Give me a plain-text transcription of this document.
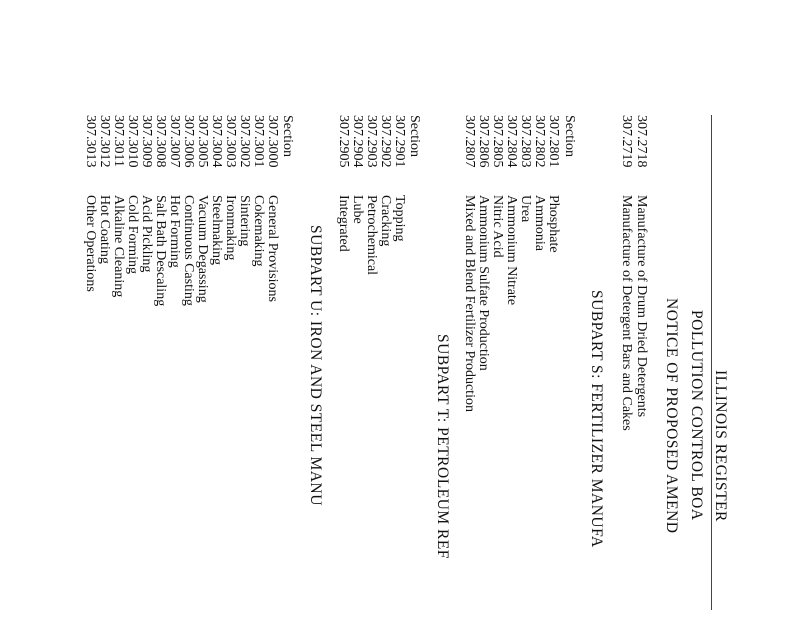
ILLINOIS REGISTER
POLLUTION CONTROL BOA
NOTICE OF PROPOSED AMEND
307.2718
Manufacture of Drum Dried Detergents
307.2719
Manufacture of Detergent Bars and Cakes
SUBPART S: FERTILIZER MANUFA
Section
307.2801
Phosphate
307.2802
Ammonia
307.2803
Urea
307.2804
Ammonium Nitrate
307.2805
Nitric Acid
307.2806
Ammonium Sulfate Production
307.2807
Mixed and Blend Fertilizer Production
SUBPART T: PETROLEUM REF
Section
307.2901
Topping
307.2902
Cracking
307.2903
Petrochemical
307.2904
Lube
307.2905
Integrated
SUBPART U: IRON AND STEEL MANU
Section
307.3000
General Provisions
307.3001
Cokemaking
307.3002
Sintering
307.3003
Ironmaking
307.3004
Steelmaking
307.3005
Vacuum Degassing
307.3006
Continuous Casting
307.3007
Hot Forming
307.3008
Salt Bath Descaling
307.3009
Acid Pickling
307.3010
Cold Forming
307.3011
Alkaline Cleaning
307.3012
Hot Coating
307.3013
Other Operations
